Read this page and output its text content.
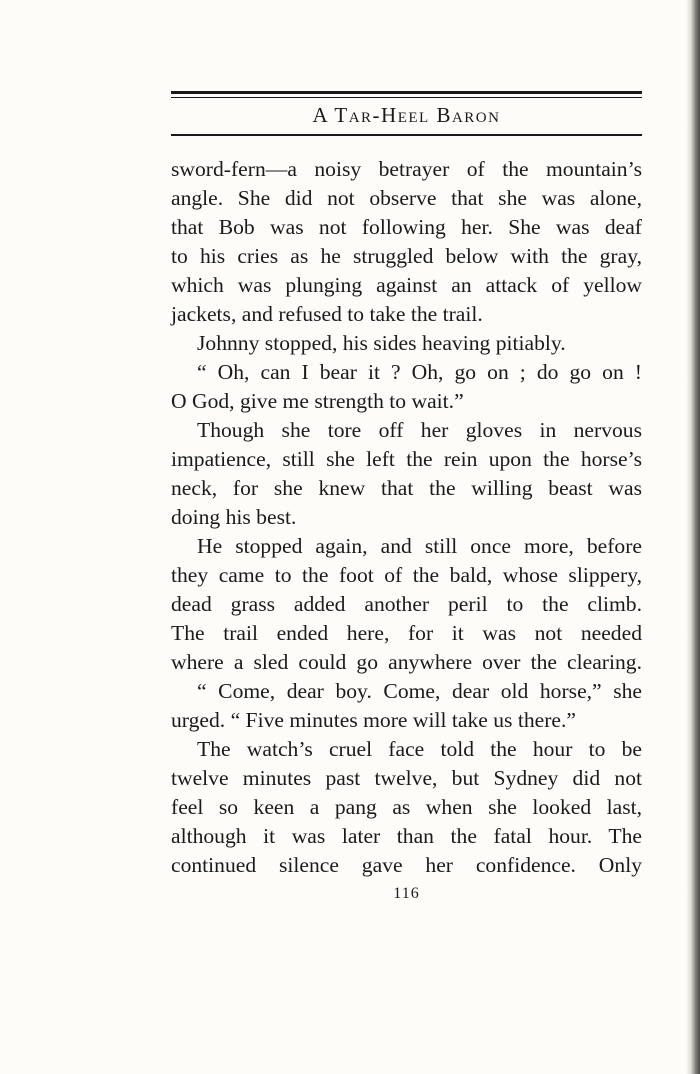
A Tar-Heel Baron
sword-fern—a noisy betrayer of the mountain’s
angle. She did not observe that she was alone,
that Bob was not following her. She was deaf
to his cries as he struggled below with the gray,
which was plunging against an attack of yellow
jackets, and refused to take the trail.
Johnny stopped, his sides heaving pitiably.
“ Oh, can I bear it ? Oh, go on ; do go on !
O God, give me strength to wait.”
Though she tore off her gloves in nervous
impatience, still she left the rein upon the horse’s
neck, for she knew that the willing beast was
doing his best.
He stopped again, and still once more, before
they came to the foot of the bald, whose slippery,
dead grass added another peril to the climb.
The trail ended here, for it was not needed
where a sled could go anywhere over the clearing.
“ Come, dear boy. Come, dear old horse,” she
urged. “ Five minutes more will take us there.”
The watch’s cruel face told the hour to be
twelve minutes past twelve, but Sydney did not
feel so keen a pang as when she looked last,
although it was later than the fatal hour. The
continued silence gave her confidence. Only
116
